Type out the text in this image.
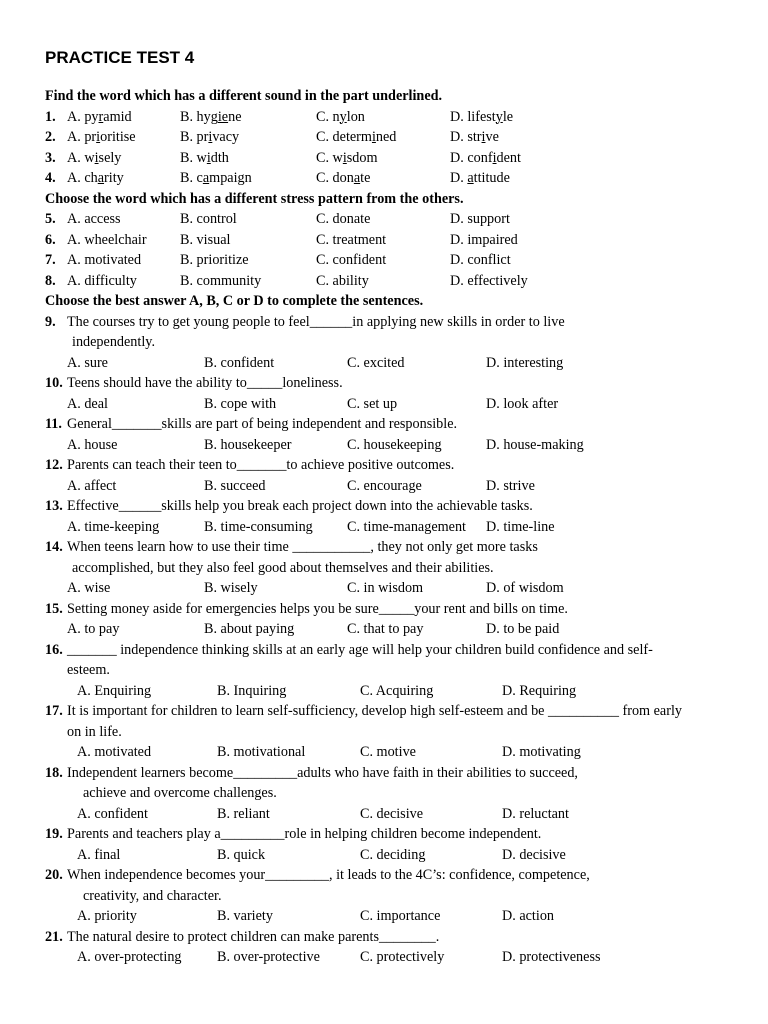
PRACTICE TEST 4
Find the word which has a different sound in the part underlined.
1. A. pyramid	B. hygiene	C. nylon	D. lifestyle
2. A. prioritise	B. privacy	C. determined	D. strive
3. A. wisely	B. width	C. wisdom	D. confident
4. A. charity	B. campaign	C. donate	D. attitude
Choose the word which has a different stress pattern from the others.
5. A. access	B. control	C. donate	D. support
6. A. wheelchair B. visual	C. treatment	D. impaired
7. A. motivated	B. prioritize	C. confident	D. conflict
8. A. difficulty	B. community	C. ability	D. effectively
Choose the best answer A, B, C or D to complete the sentences.
9. The courses try to get young people to feel______in applying new skills in order to live
independently.
A. sure	B. confident	C. excited	D. interesting
10. Teens should have the ability to_____loneliness.
A. deal	B. cope with	C. set up	D. look after
11. General_______skills are part of being independent and responsible.
A. house	B. housekeeper	C. housekeeping	D. house-making
12. Parents can teach their teen to_______to achieve positive outcomes.
A. affect	B. succeed	C. encourage	D. strive
13. Effective______skills help you break each project down into the achievable tasks.
A. time-keeping	B. time-consuming C. time-management D. time-line
14. When teens learn how to use their time ___________, they not only get more tasks
accomplished, but they also feel good about themselves and their abilities.
A. wise	B. wisely	C. in wisdom	D. of wisdom
15. Setting money aside for emergencies helps you be sure_____your rent and bills on time.
A. to pay	B. about paying	C. that to pay	D. to be paid
16. _______ independence thinking skills at an early age will help your children build confidence and self-
esteem.
A. Enquiring	B. Inquiring	C. Acquiring	D. Requiring
17. It is important for children to learn self-sufficiency, develop high self-esteem and be __________ from early
on in life.
A. motivated	B. motivational	C. motive	D. motivating
18. Independent learners become_________adults who have faith in their abilities to succeed,
achieve and overcome challenges.
A. confident	B. reliant	C. decisive	D. reluctant
19. Parents and teachers play a_________role in helping children become independent.
A. final	B. quick	C. deciding	D. decisive
20. When independence becomes your_________, it leads to the 4C’s: confidence, competence,
creativity, and character.
A. priority	B. variety	C. importance	D. action
21. The natural desire to protect children can make parents________.
A. over-protecting B. over-protective	C. protectively	D. protectiveness
